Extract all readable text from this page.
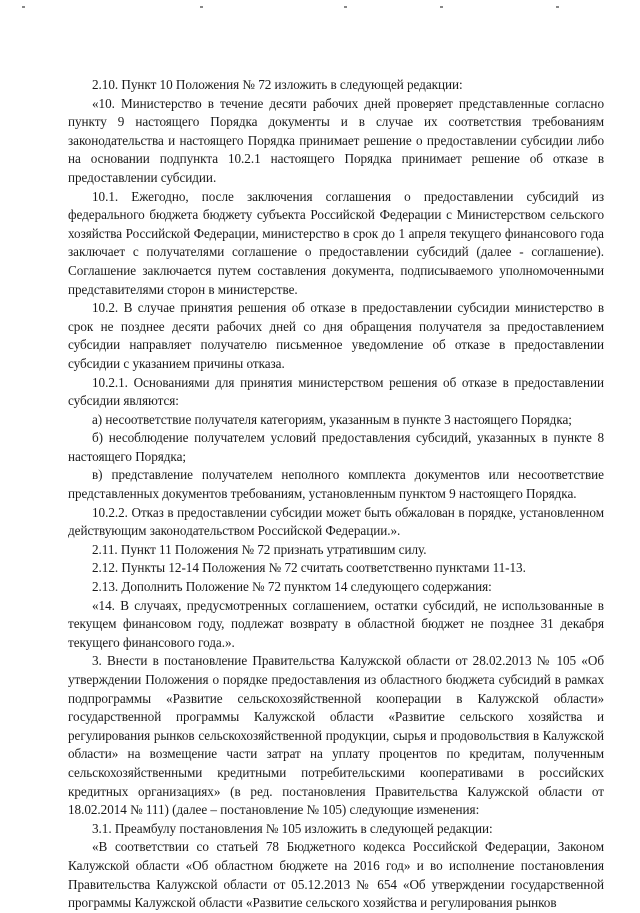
2.10. Пункт 10 Положения № 72 изложить в следующей редакции:

«10. Министерство в течение десяти рабочих дней проверяет представленные согласно пункту 9 настоящего Порядка документы и в случае их соответствия требованиям законодательства и настоящего Порядка принимает решение о предоставлении субсидии либо на основании подпункта 10.2.1 настоящего Порядка принимает решение об отказе в предоставлении субсидии.

10.1. Ежегодно, после заключения соглашения о предоставлении субсидий из федерального бюджета бюджету субъекта Российской Федерации с Министерством сельского хозяйства Российской Федерации, министерство в срок до 1 апреля текущего финансового года заключает с получателями соглашение о предоставлении субсидий (далее - соглашение). Соглашение заключается путем составления документа, подписываемого уполномоченными представителями сторон в министерстве.

10.2. В случае принятия решения об отказе в предоставлении субсидии министерство в срок не позднее десяти рабочих дней со дня обращения получателя за предоставлением субсидии направляет получателю письменное уведомление об отказе в предоставлении субсидии с указанием причины отказа.

10.2.1. Основаниями для принятия министерством решения об отказе в предоставлении субсидии являются:

а) несоответствие получателя категориям, указанным в пункте 3 настоящего Порядка;

б) несоблюдение получателем условий предоставления субсидий, указанных в пункте 8 настоящего Порядка;

в) представление получателем неполного комплекта документов или несоответствие представленных документов требованиям, установленным пунктом 9 настоящего Порядка.

10.2.2. Отказ в предоставлении субсидии может быть обжалован в порядке, установленном действующим законодательством Российской Федерации.».

2.11. Пункт 11 Положения № 72 признать утратившим силу.

2.12. Пункты 12-14 Положения № 72 считать соответственно пунктами 11-13.

2.13. Дополнить Положение № 72 пунктом 14 следующего содержания:

«14. В случаях, предусмотренных соглашением, остатки субсидий, не использованные в текущем финансовом году, подлежат возврату в областной бюджет не позднее 31 декабря текущего финансового года.».

3. Внести в постановление Правительства Калужской области от 28.02.2013 № 105 «Об утверждении Положения о порядке предоставления из областного бюджета субсидий в рамках подпрограммы «Развитие сельскохозяйственной кооперации в Калужской области» государственной программы Калужской области «Развитие сельского хозяйства и регулирования рынков сельскохозяйственной продукции, сырья и продовольствия в Калужской области» на возмещение части затрат на уплату процентов по кредитам, полученным сельскохозяйственными кредитными потребительскими кооперативами в российских кредитных организациях» (в ред. постановления Правительства Калужской области от 18.02.2014 № 111) (далее – постановление № 105) следующие изменения:

3.1. Преамбулу постановления № 105 изложить в следующей редакции:

«В соответствии со статьей 78 Бюджетного кодекса Российской Федерации, Законом Калужской области «Об областном бюджете на 2016 год» и во исполнение постановления Правительства Калужской области от 05.12.2013 № 654 «Об утверждении государственной программы Калужской области «Развитие сельского хозяйства и регулирования рынков
